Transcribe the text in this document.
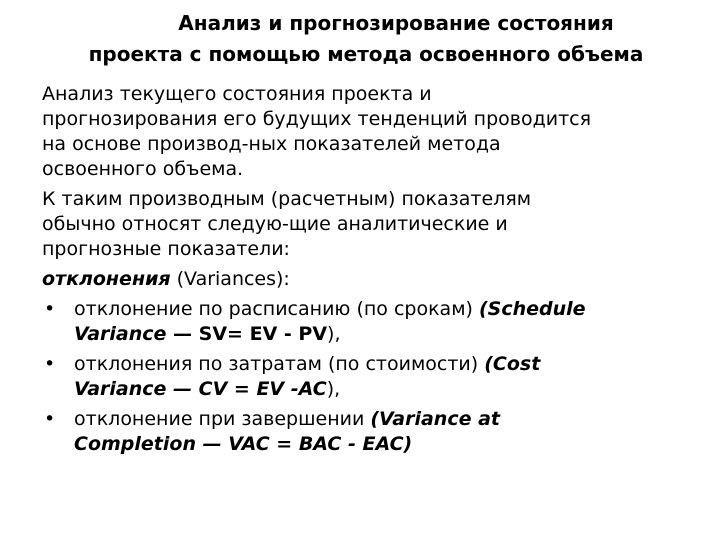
Анализ и прогнозирование состояния
проекта с помощью метода освоенного объема
Анализ текущего состояния проекта и
прогнозирования его будущих тенденций проводится
на основе производ-ных показателей метода
освоенного объема.
К таким производным (расчетным) показателям
обычно относят следую-щие аналитические и
прогнозные показатели:
отклонения (Variances):
• отклонение по расписанию (по срокам) (Schedule
Variance — SV= EV - PV),
• отклонения по затратам (по стоимости) (Cost
Variance — CV = EV -AC),
• отклонение при завершении (Variance at
Completion — VAC = BAC - EAC)
